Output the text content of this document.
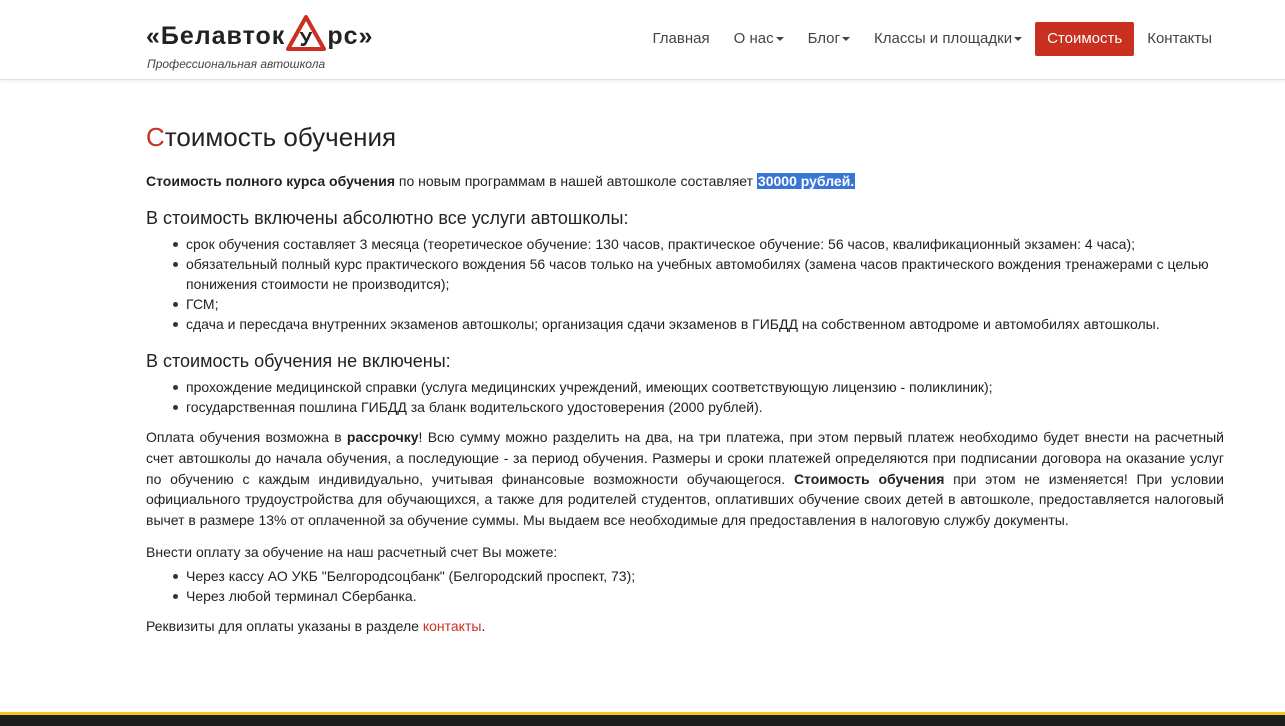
«Белавток У рс»
Профессиональная автошкола
Главная	О нас	Блог	Классы и площадки	Стоимость	Контакты
Стоимость обучения

Стоимость полного курса обучения по новым программам в нашей автошколе составляет 30000 рублей.

В стоимость включены абсолютно все услуги автошколы:
срок обучения составляет 3 месяца (теоретическое обучение: 130 часов, практическое обучение: 56 часов, квалификационный экзамен: 4 часа);
обязательный полный курс практического вождения 56 часов только на учебных автомобилях (замена часов практического вождения тренажерами с целью понижения стоимости не производится);
ГСМ;
сдача и пересдача внутренних экзаменов автошколы; организация сдачи экзаменов в ГИБДД на собственном автодроме и автомобилях автошколы.
В стоимость обучения не включены:
прохождение медицинской справки (услуга медицинских учреждений, имеющих соответствующую лицензию - поликлиник);
государственная пошлина ГИБДД за бланк водительского удостоверения (2000 рублей).

Оплата обучения возможна в рассрочку! Всю сумму можно разделить на два, на три платежа, при этом первый платеж необходимо будет внести на расчетный счет автошколы до начала обучения, а последующие - за период обучения. Размеры и сроки платежей определяются при подписании договора на оказание услуг по обучению с каждым индивидуально, учитывая финансовые возможности обучающегося. Стоимость обучения при этом не изменяется! При условии официального трудоустройства для обучающихся, а также для родителей студентов, оплативших обучение своих детей в автошколе, предоставляется налоговый вычет в размере 13% от оплаченной за обучение суммы. Мы выдаем все необходимые для предоставления в налоговую службу документы.

Внести оплату за обучение на наш расчетный счет Вы можете:

Через кассу АО УКБ "Белгородсоцбанк" (Белгородский проспект, 73);
Через любой терминал Сбербанка.

Реквизиты для оплаты указаны в разделе контакты.
